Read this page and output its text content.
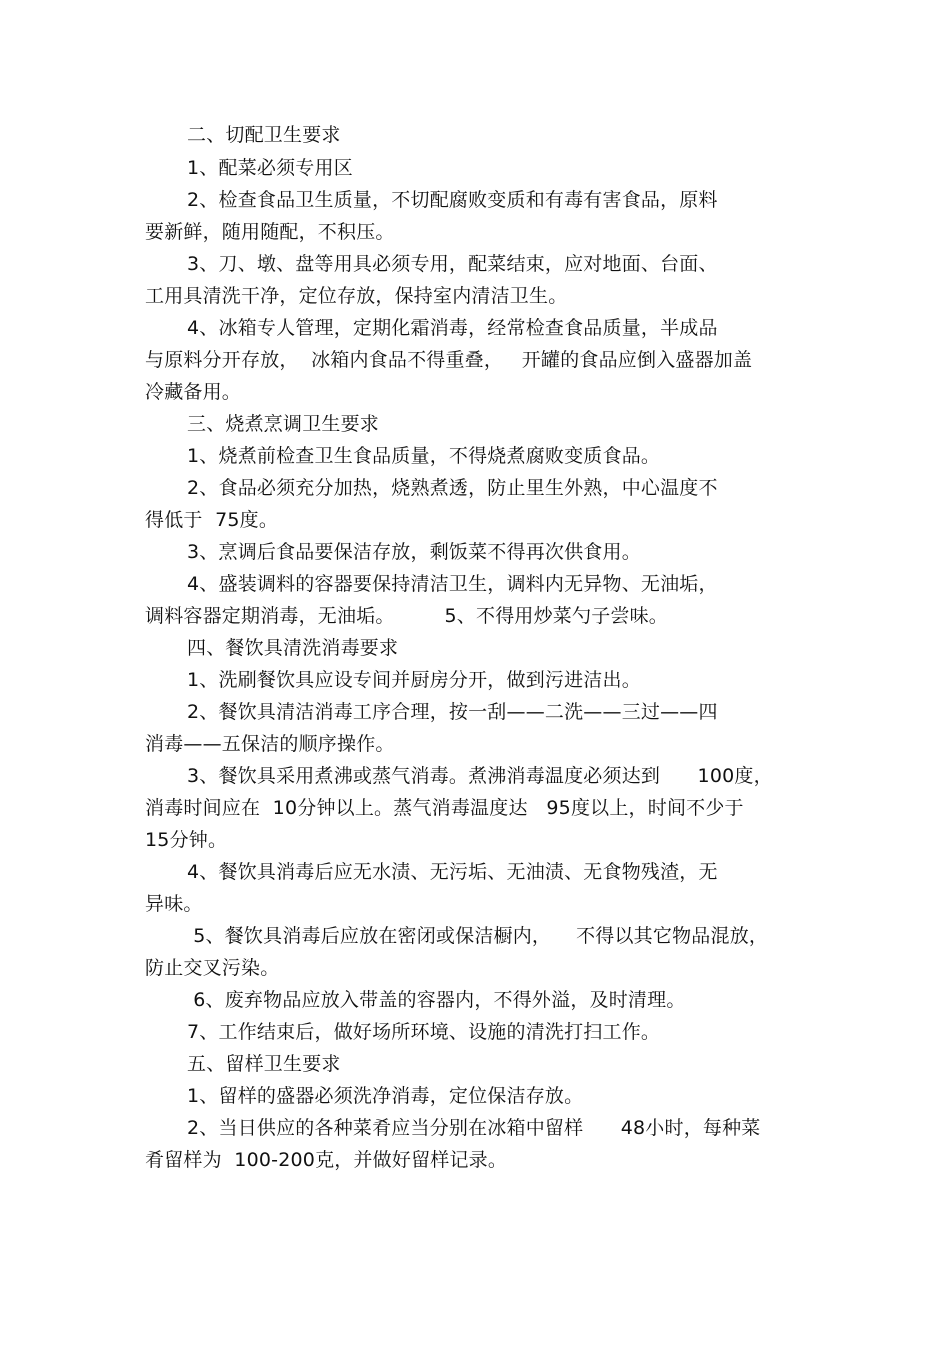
二、切配卫生要求
1、配菜必须专用区
2、检查食品卫生质量，不切配腐败变质和有毒有害食品，原料
要新鲜，随用随配，不积压。
3、刀、墩、盘等用具必须专用，配菜结束，应对地面、台面、
工用具清洗干净，定位存放，保持室内清洁卫生。
4、冰箱专人管理，定期化霜消毒，经常检查食品质量，半成品
与原料分开存放，  冰箱内食品不得重叠，   开罐的食品应倒入盛器加盖
冷藏备用。
三、烧煮烹调卫生要求
1、烧煮前检查卫生食品质量，不得烧煮腐败变质食品。
2、食品必须充分加热，烧熟煮透，防止里生外熟，中心温度不
得低于  75度。
3、烹调后食品要保洁存放，剩饭菜不得再次供食用。
4、盛装调料的容器要保持清洁卫生，调料内无异物、无油垢，
调料容器定期消毒，无油垢。        5、不得用炒菜勺子尝味。
四、餐饮具清洗消毒要求
1、洗刷餐饮具应设专间并厨房分开，做到污进洁出。
2、餐饮具清洁消毒工序合理，按一刮——二洗——三过——四
消毒——五保洁的顺序操作。
3、餐饮具采用煮沸或蒸气消毒。煮沸消毒温度必须达到      100度，
消毒时间应在  10分钟以上。蒸气消毒温度达   95度以上，时间不少于
15分钟。
4、餐饮具消毒后应无水渍、无污垢、无油渍、无食物残渣，无
异味。
5、餐饮具消毒后应放在密闭或保洁橱内，    不得以其它物品混放，
防止交叉污染。
6、废弃物品应放入带盖的容器内，不得外溢，及时清理。
7、工作结束后，做好场所环境、设施的清洗打扫工作。
五、留样卫生要求
1、留样的盛器必须洗净消毒，定位保洁存放。
2、当日供应的各种菜肴应当分别在冰箱中留样      48小时，每种菜
肴留样为  100-200克，并做好留样记录。
